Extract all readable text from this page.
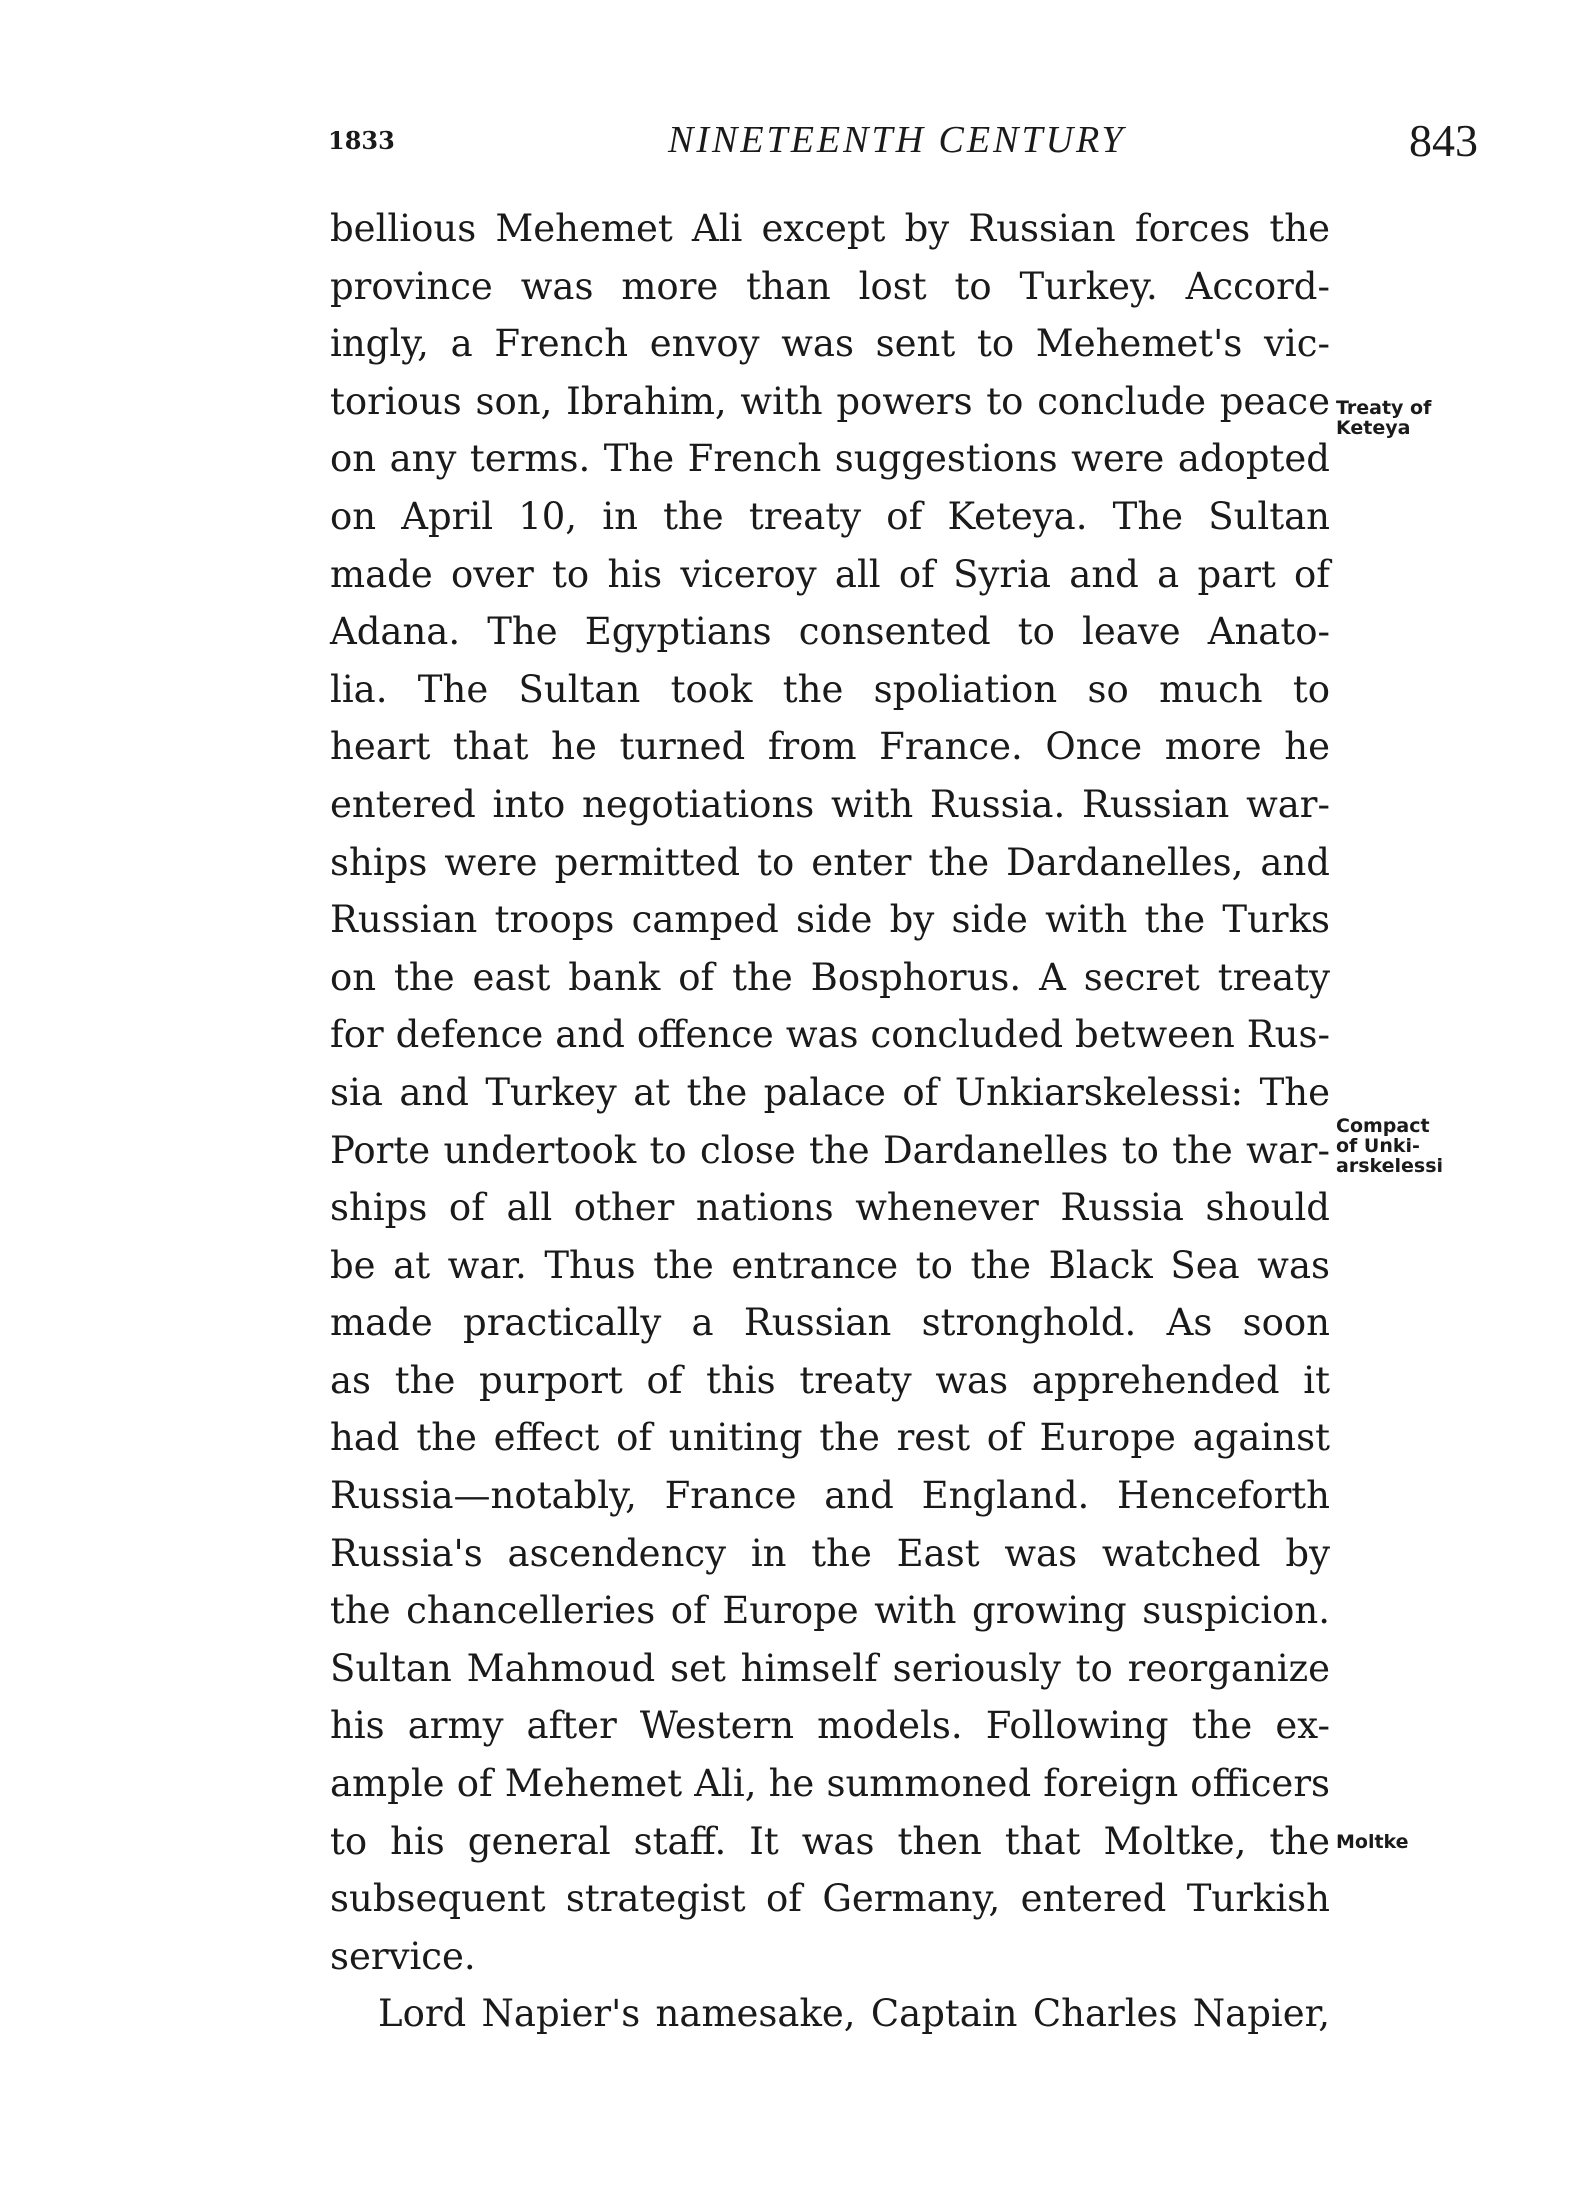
1833	NINETEENTH CENTURY	843
bellious Mehemet Ali except by Russian forces the
province was more than lost to Turkey. Accord-
ingly, a French envoy was sent to Mehemet's vic-
torious son, Ibrahim, with powers to conclude peace
on any terms. The French suggestions were adopted
on April 10, in the treaty of Keteya. The Sultan
made over to his viceroy all of Syria and a part of
Adana. The Egyptians consented to leave Anato-
lia. The Sultan took the spoliation so much to
heart that he turned from France. Once more he
entered into negotiations with Russia. Russian war-
ships were permitted to enter the Dardanelles, and
Russian troops camped side by side with the Turks
on the east bank of the Bosphorus. A secret treaty
for defence and offence was concluded between Rus-
sia and Turkey at the palace of Unkiarskelessi: The
Porte undertook to close the Dardanelles to the war-
ships of all other nations whenever Russia should
be at war. Thus the entrance to the Black Sea was
made practically a Russian stronghold. As soon
as the purport of this treaty was apprehended it
had the effect of uniting the rest of Europe against
Russia—notably, France and England. Henceforth
Russia's ascendency in the East was watched by
the chancelleries of Europe with growing suspicion.
Sultan Mahmoud set himself seriously to reorganize
his army after Western models. Following the ex-
ample of Mehemet Ali, he summoned foreign officers
to his general staff. It was then that Moltke, the
subsequent strategist of Germany, entered Turkish
service.
Lord Napier's namesake, Captain Charles Napier,
Treaty of
Keteya
Compact
of Unki-
arskelessi
Moltke
